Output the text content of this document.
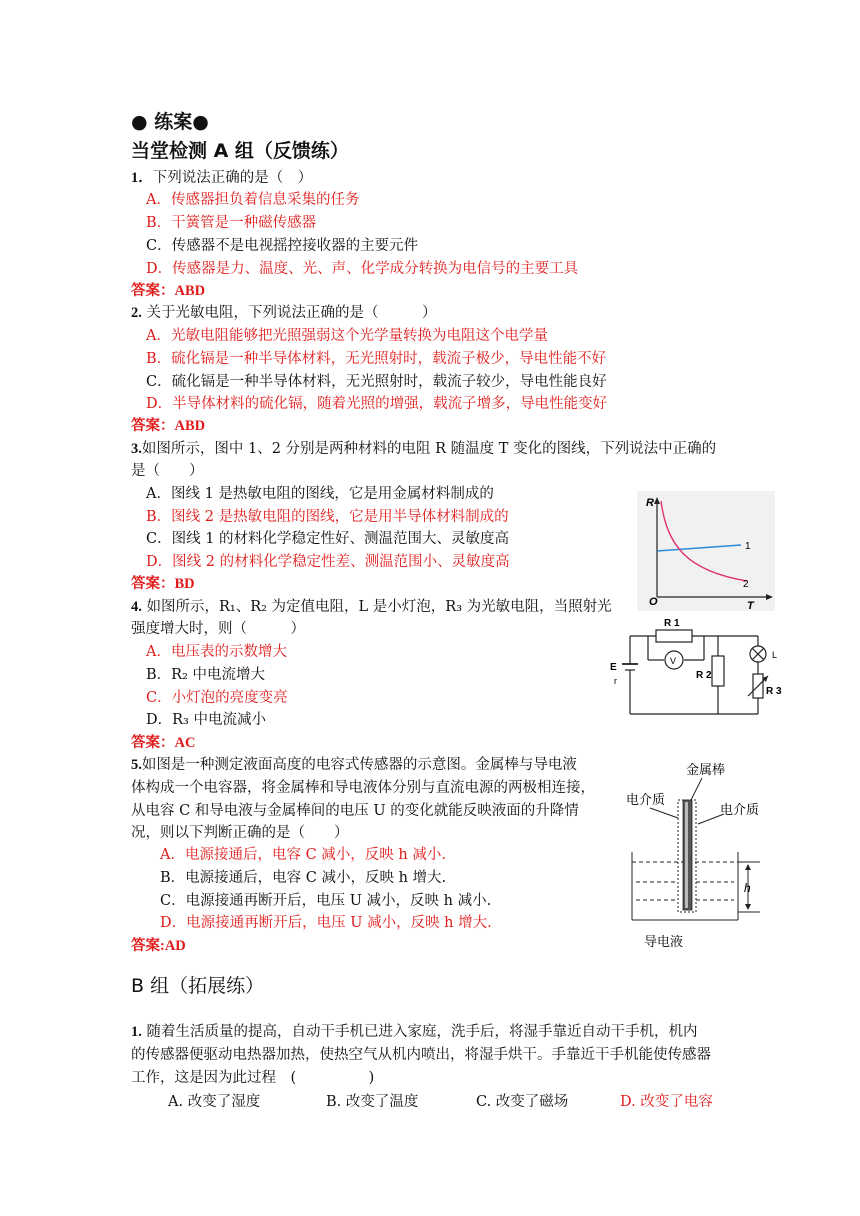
● 练案●
当堂检测 A 组（反馈练）
1．下列说法正确的是（　）
A．传感器担负着信息采集的任务
B．干簧管是一种磁传感器
C．传感器不是电视摇控接收器的主要元件
D．传感器是力、温度、光、声、化学成分转换为电信号的主要工具
答案：ABD
2. 关于光敏电阻，下列说法正确的是（　　　）
A．光敏电阻能够把光照强弱这个光学量转换为电阻这个电学量
B．硫化镉是一种半导体材料，无光照射时，载流子极少，导电性能不好
C．硫化镉是一种半导体材料，无光照射时，载流子较少，导电性能良好
D．半导体材料的硫化镉，随着光照的增强，载流子增多，导电性能变好
答案：ABD
3.如图所示，图中 1、2 分别是两种材料的电阻 R 随温度 T 变化的图线，下列说法中正确的
是（　　）
A．图线 1 是热敏电阻的图线，它是用金属材料制成的
B．图线 2 是热敏电阻的图线，它是用半导体材料制成的
C．图线 1 的材料化学稳定性好、测温范围大、灵敏度高
D．图线 2 的材料化学稳定性差、测温范围小、灵敏度高
答案：BD
R
O	T
1
2
4. 如图所示，R₁、R₂ 为定值电阻，L 是小灯泡，R₃ 为光敏电阻，当照射光
强度增大时，则（　　　）
A．电压表的示数增大
B．R₂ 中电流增大
C．小灯泡的亮度变亮
D．R₃ 中电流减小
答案：AC
R 1
V
R 2
R 3
L
E
r
5.如图是一种测定液面高度的电容式传感器的示意图。金属棒与导电液
体构成一个电容器，将金属棒和导电液体分别与直流电源的两极相连接，
从电容 C 和导电液与金属棒间的电压 U 的变化就能反映液面的升降情
况，则以下判断正确的是（　　）
A．电源接通后，电容 C 减小，反映 h 减小.
B．电源接通后，电容 C 减小，反映 h 增大.
C．电源接通再断开后，电压 U 减小，反映 h 减小.
D．电源接通再断开后，电压 U 减小，反映 h 增大.
答案:AD
金属棒
电介质
电介质
导电液
h
B 组（拓展练）
1. 随着生活质量的提高，自动干手机已进入家庭，洗手后，将湿手靠近自动干手机，机内
的传感器便驱动电热器加热，使热空气从机内喷出，将湿手烘干。手靠近干手机能使传感器
工作，这是因为此过程　(　　　　　)
A. 改变了湿度	B. 改变了温度	C. 改变了磁场	D. 改变了电容
